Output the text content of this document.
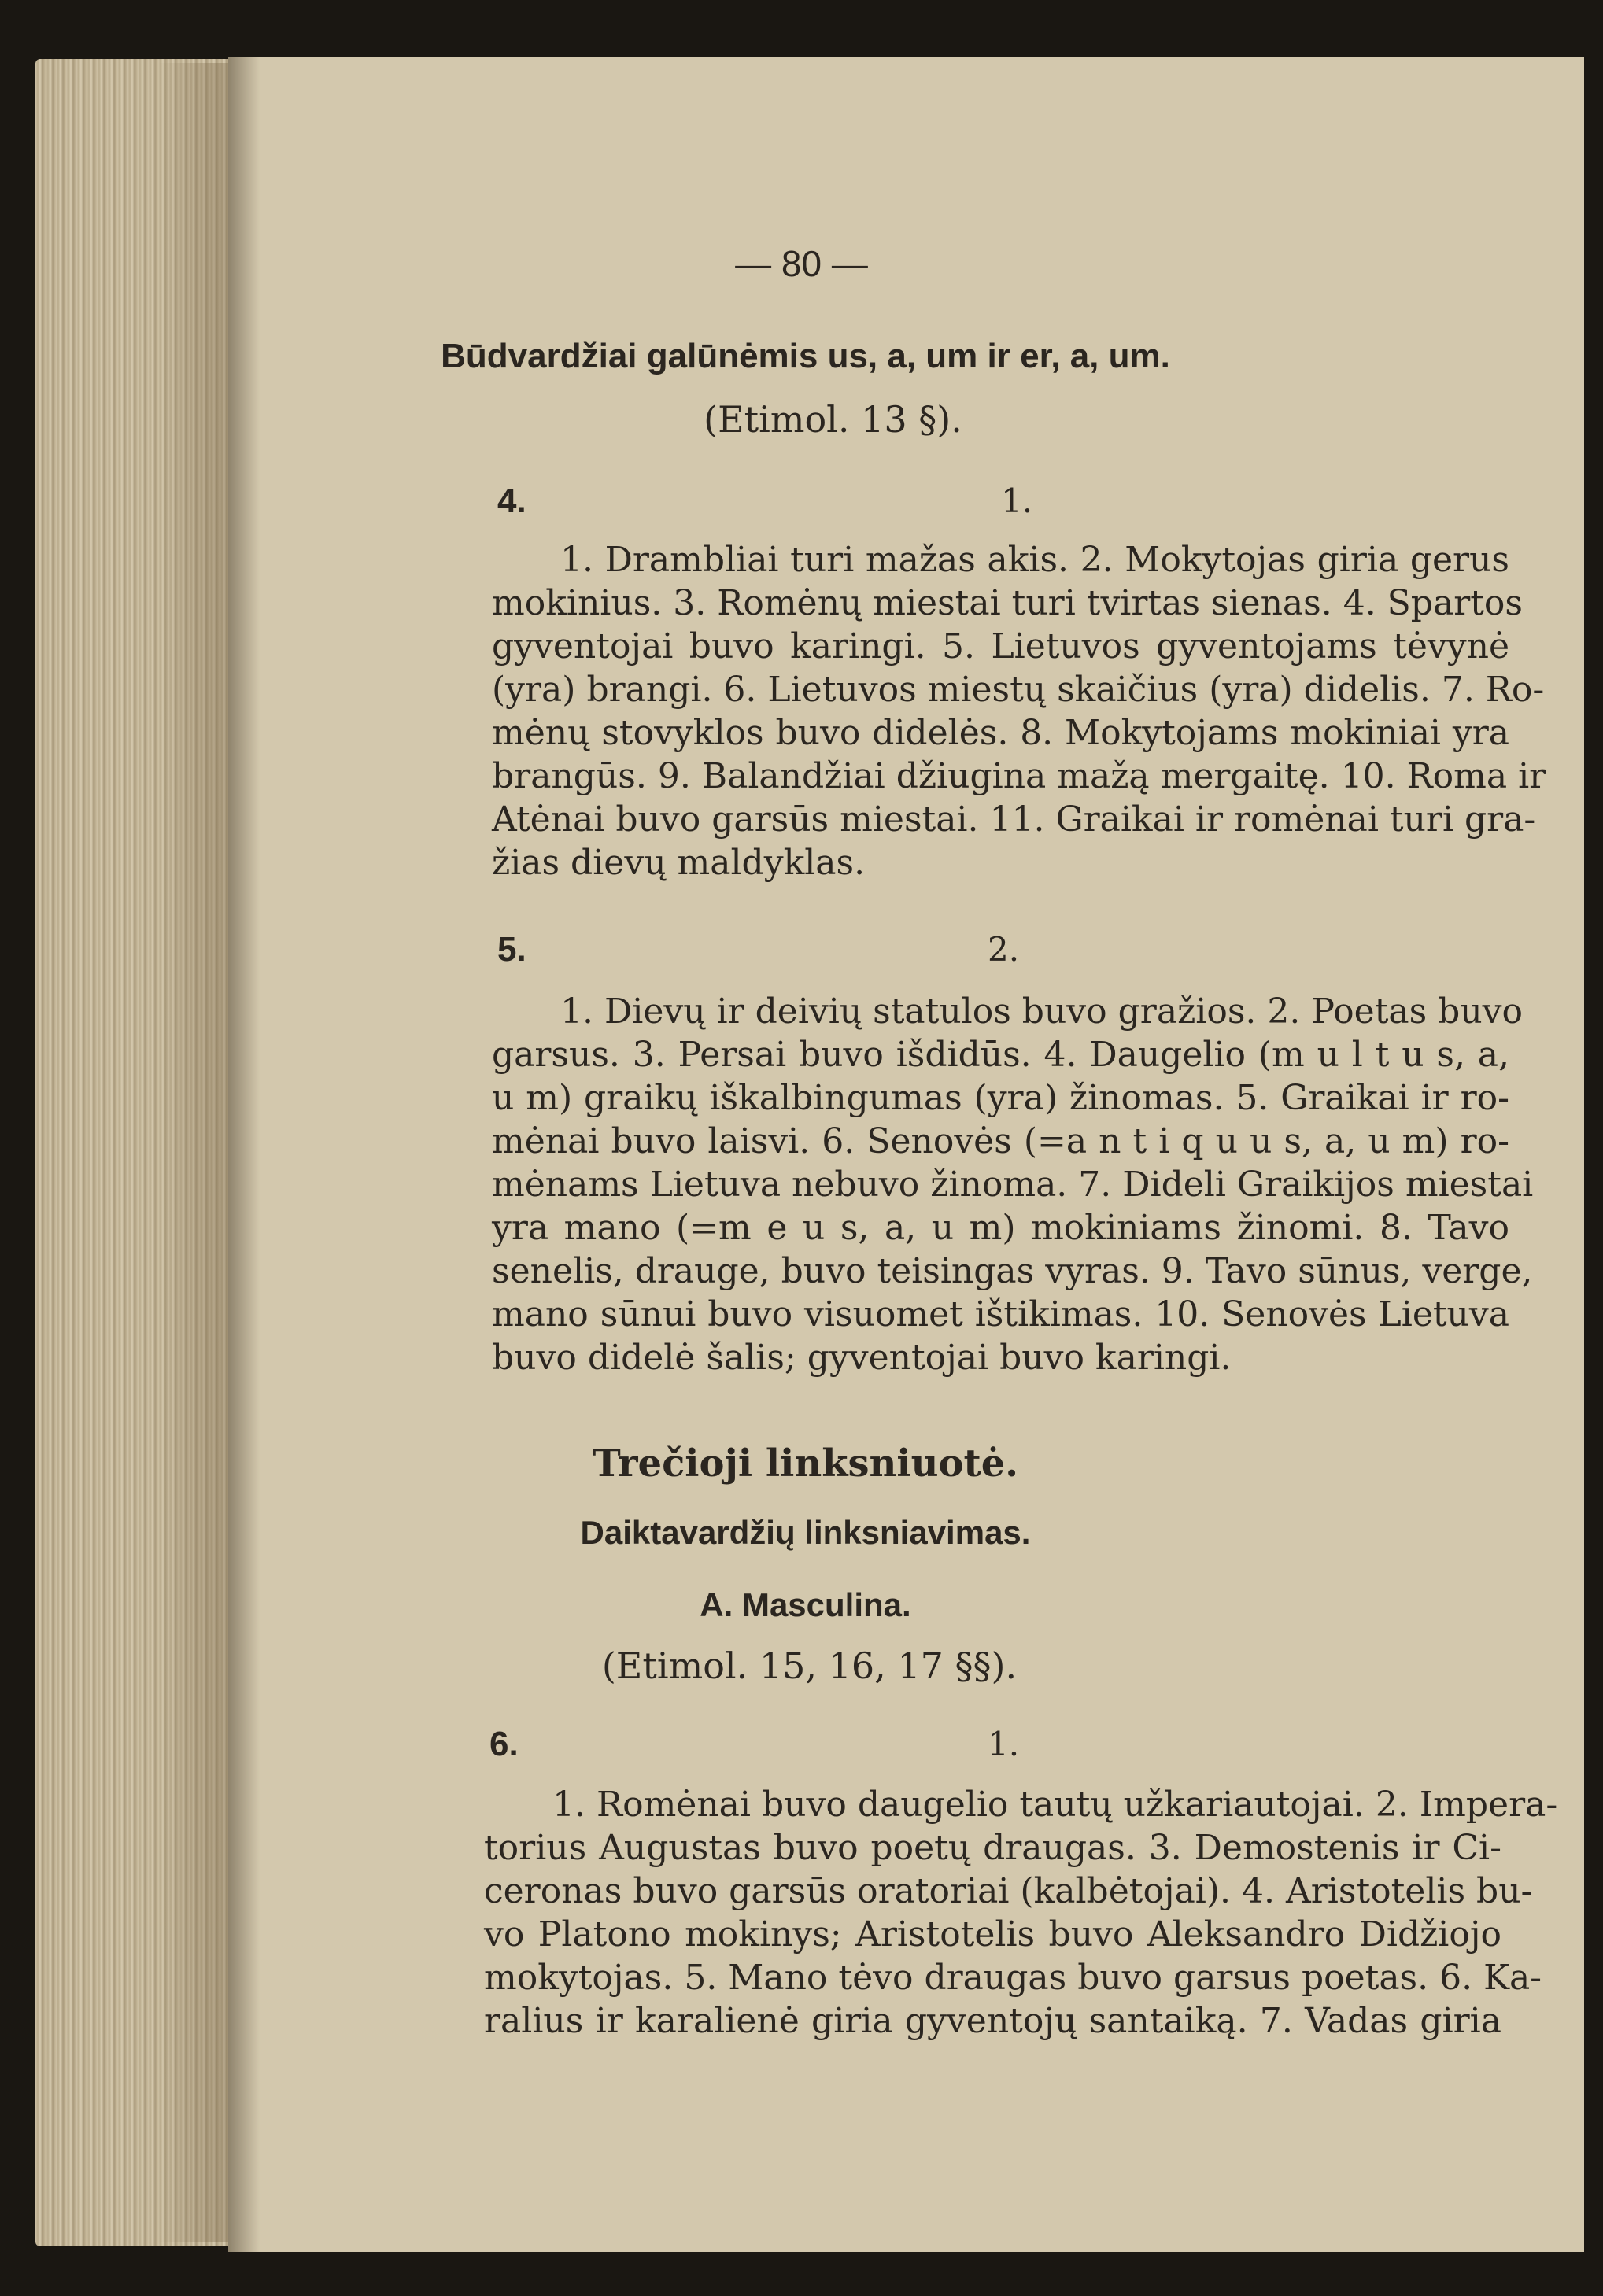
— 80 —
Būdvardžiai galūnėmis us, a, um ir er, a, um.
(Etimol. 13 §).
4.	1.
1. Drambliai turi mažas akis. 2. Mokytojas giria gerus
mokinius. 3. Romėnų miestai turi tvirtas sienas. 4. Spartos
gyventojai buvo karingi. 5. Lietuvos gyventojams tėvynė
(yra) brangi. 6. Lietuvos miestų skaičius (yra) didelis. 7. Ro-
mėnų stovyklos buvo didelės. 8. Mokytojams mokiniai yra
brangūs. 9. Balandžiai džiugina mažą mergaitę. 10. Roma ir
Atėnai buvo garsūs miestai. 11. Graikai ir romėnai turi gra-
žias dievų maldyklas.
5.	2.
1. Dievų ir deivių statulos buvo gražios. 2. Poetas buvo
garsus. 3. Persai buvo išdidūs. 4. Daugelio (m u l t u s, a,
u m) graikų iškalbingumas (yra) žinomas. 5. Graikai ir ro-
mėnai buvo laisvi. 6. Senovės (=a n t i q u u s, a, u m) ro-
mėnams Lietuva nebuvo žinoma. 7. Dideli Graikijos miestai
yra mano (=m e u s, a, u m) mokiniams žinomi. 8. Tavo
senelis, drauge, buvo teisingas vyras. 9. Tavo sūnus, verge,
mano sūnui buvo visuomet ištikimas. 10. Senovės Lietuva
buvo didelė šalis; gyventojai buvo karingi.
Trečioji linksniuotė.
Daiktavardžių linksniavimas.
A. Masculina.
(Etimol. 15, 16, 17 §§).
6.	1.
1. Romėnai buvo daugelio tautų užkariautojai. 2. Impera-
torius Augustas buvo poetų draugas. 3. Demostenis ir Ci-
ceronas buvo garsūs oratoriai (kalbėtojai). 4. Aristotelis bu-
vo Platono mokinys; Aristotelis buvo Aleksandro Didžiojo
mokytojas. 5. Mano tėvo draugas buvo garsus poetas. 6. Ka-
ralius ir karalienė giria gyventojų santaiką. 7. Vadas giria
